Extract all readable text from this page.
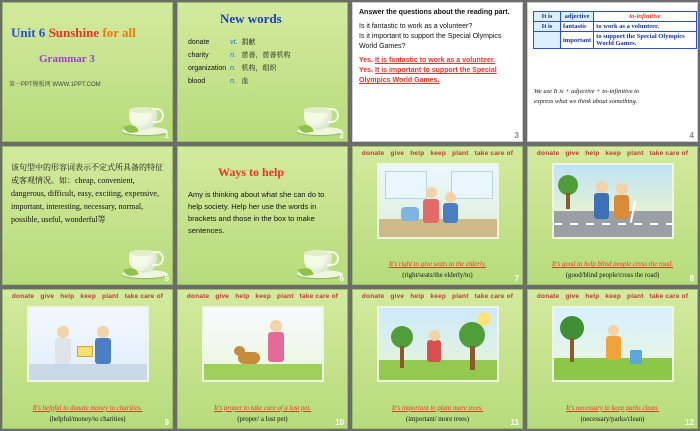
Unit 6 Sunshine for all
Grammar 3
第一PPT模板网 WWW.1PPT.COM
1
New words
donate	vt.	捐献
charity	n.	慈善，慈善机构
organization	n.	机构，组织
blood	n.	血
2
Answer the questions about the reading part.
Is it fantastic to work as a volunteer?
Is it important to support the Special Olympics World Games?
Yes. It is fantastic to work as a volunteer.
Yes. It is important to support the Special Olympics World Games.
3
It is	adjective	to-infinitive
It is	fantastic	to work as a volunteer.
	important	to support the Special Olympics World Games.
We use It is + adjective + to-infinitive to
express what we think about something.
4
该句型中的形容词表示不定式所具备的特征或客观情况。如：cheap, convenient, dangerous, difficult, easy, exciting, expensive, important, interesting, necessary, normal, possible, useful, wonderful等
5
Ways to help
Amy is thinking about what she can do to help society. Help her use the words in brackets and those in the box to make sentences.
6
donate give help keep plant take care of
It's right to give seats to the elderly.
(right/seats/the elderly/to)	7
donate give help keep plant take care of
It's good to help blind people cross the road.
(good/blind people/cross the road)	8
donate give help keep plant take care of
It's helpful to donate money to charities.
(helpful/money/to charities)	9
donate give help keep plant take care of
It's proper to take care of a lost pet.
(proper/ a lost pet)	10
donate give help keep plant take care of
It's important to plant more trees.
(important/ more trees)	11
donate give help keep plant take care of
It's necessary to keep parks clean.
(necessary/parks/clean)	12
